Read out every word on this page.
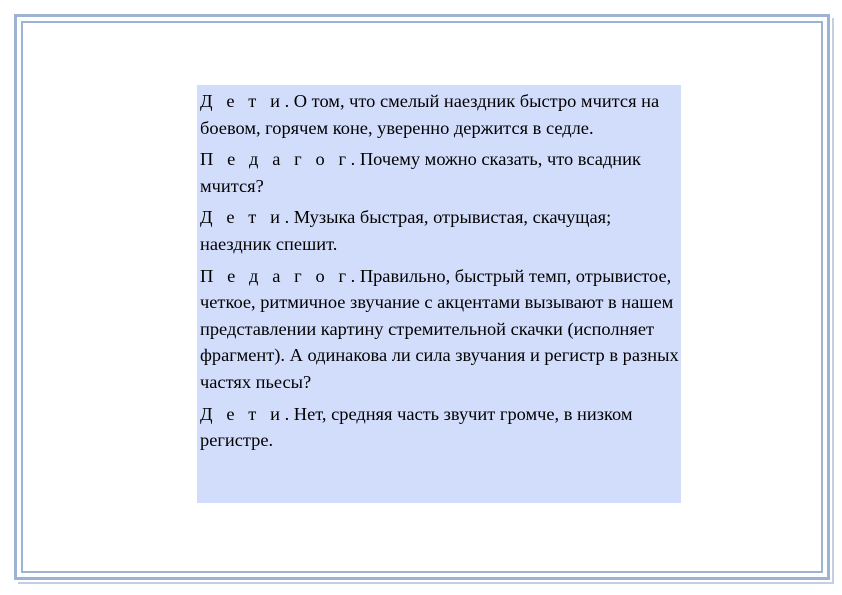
Д е т и. О том, что смелый наездник быстро мчится на боевом, горячем коне, уверенно держится в седле.

П е д а г о г. Почему можно сказать, что всадник мчится?

Д е т и. Музыка быстрая, отрывистая, скачущая; наездник спешит.

П е д а г о г. Правильно, быстрый темп, отрывистое, четкое, ритмичное звучание с акцентами вызывают в нашем представлении картину стремительной скачки (исполняет фрагмент). А одинакова ли сила звучания и регистр в разных частях пьесы?

Д е т и. Нет, средняя часть звучит громче, в низком регистре.
